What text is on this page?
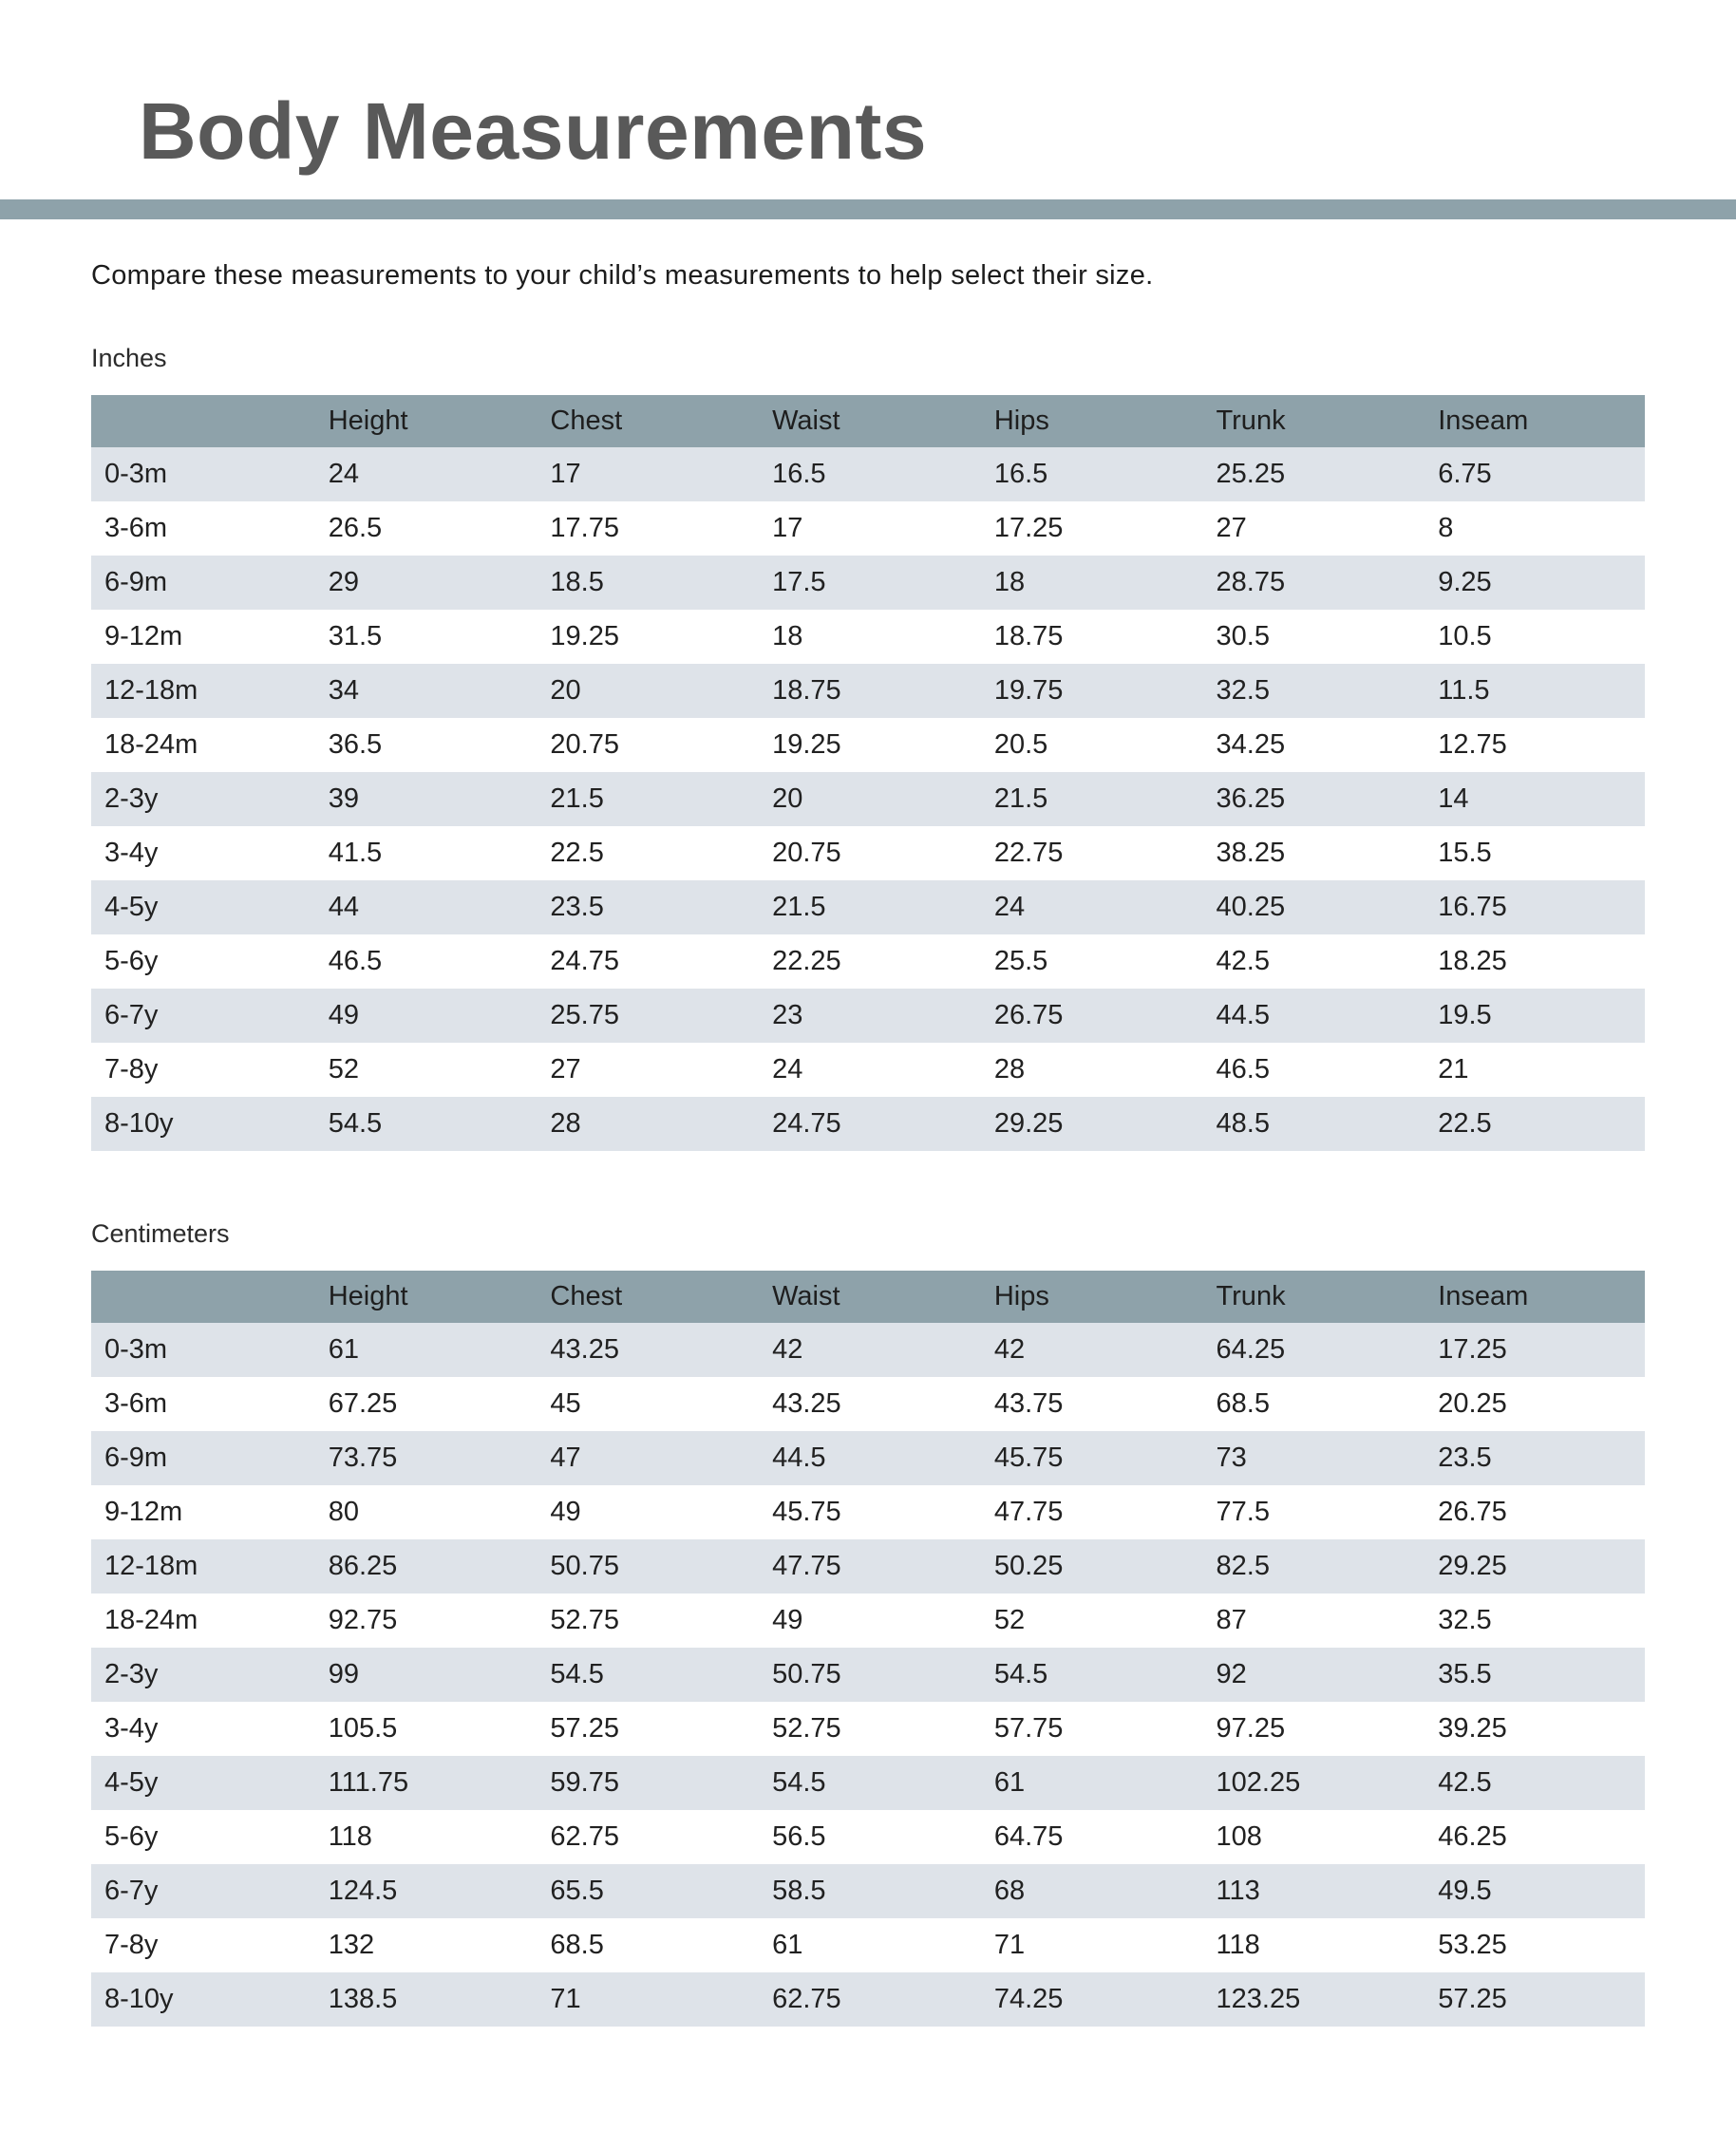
Body Measurements

Compare these measurements to your child’s measurements to help select their size.

Inches

	Height	Chest	Waist	Hips	Trunk	Inseam
0-3m	24	17	16.5	16.5	25.25	6.75
3-6m	26.5	17.75	17	17.25	27	8
6-9m	29	18.5	17.5	18	28.75	9.25
9-12m	31.5	19.25	18	18.75	30.5	10.5
12-18m	34	20	18.75	19.75	32.5	11.5
18-24m	36.5	20.75	19.25	20.5	34.25	12.75
2-3y	39	21.5	20	21.5	36.25	14
3-4y	41.5	22.5	20.75	22.75	38.25	15.5
4-5y	44	23.5	21.5	24	40.25	16.75
5-6y	46.5	24.75	22.25	25.5	42.5	18.25
6-7y	49	25.75	23	26.75	44.5	19.5
7-8y	52	27	24	28	46.5	21
8-10y	54.5	28	24.75	29.25	48.5	22.5

Centimeters

	Height	Chest	Waist	Hips	Trunk	Inseam
0-3m	61	43.25	42	42	64.25	17.25
3-6m	67.25	45	43.25	43.75	68.5	20.25
6-9m	73.75	47	44.5	45.75	73	23.5
9-12m	80	49	45.75	47.75	77.5	26.75
12-18m	86.25	50.75	47.75	50.25	82.5	29.25
18-24m	92.75	52.75	49	52	87	32.5
2-3y	99	54.5	50.75	54.5	92	35.5
3-4y	105.5	57.25	52.75	57.75	97.25	39.25
4-5y	111.75	59.75	54.5	61	102.25	42.5
5-6y	118	62.75	56.5	64.75	108	46.25
6-7y	124.5	65.5	58.5	68	113	49.5
7-8y	132	68.5	61	71	118	53.25
8-10y	138.5	71	62.75	74.25	123.25	57.25
